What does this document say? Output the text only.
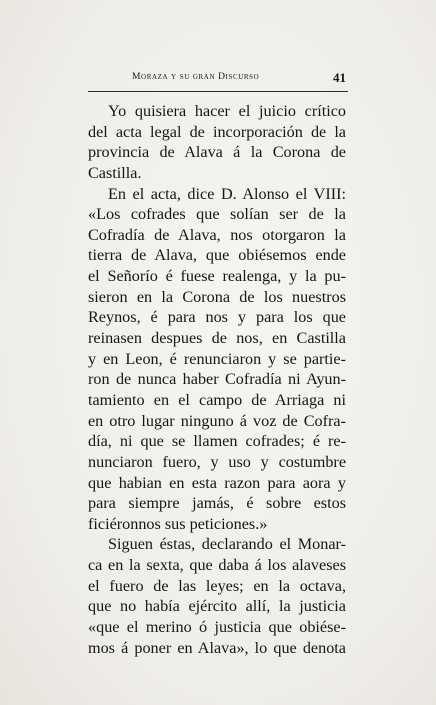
Moraza y su gran Discurso	41
Yo quisiera hacer el juicio crítico
del acta legal de incorporación de la
provincia de Alava á la Corona de
Castilla.
En el acta, dice D. Alonso el VIII:
«Los cofrades que solían ser de la
Cofradía de Alava, nos otorgaron la
tierra de Alava, que obiésemos ende
el Señorío é fuese realenga, y la pu-
sieron en la Corona de los nuestros
Reynos, é para nos y para los que
reinasen despues de nos, en Castilla
y en Leon, é renunciaron y se partie-
ron de nunca haber Cofradía ni Ayun-
tamiento en el campo de Arriaga ni
en otro lugar ninguno á voz de Cofra-
día, ni que se llamen cofrades; é re-
nunciaron fuero, y uso y costumbre
que habian en esta razon para aora y
para siempre jamás, é sobre estos
ficiéronnos sus peticiones.»
Siguen éstas, declarando el Monar-
ca en la sexta, que daba á los alaveses
el fuero de las leyes; en la octava,
que no había ejército allí, la justicia
«que el merino ó justicia que obiése-
mos á poner en Alava», lo que denota
